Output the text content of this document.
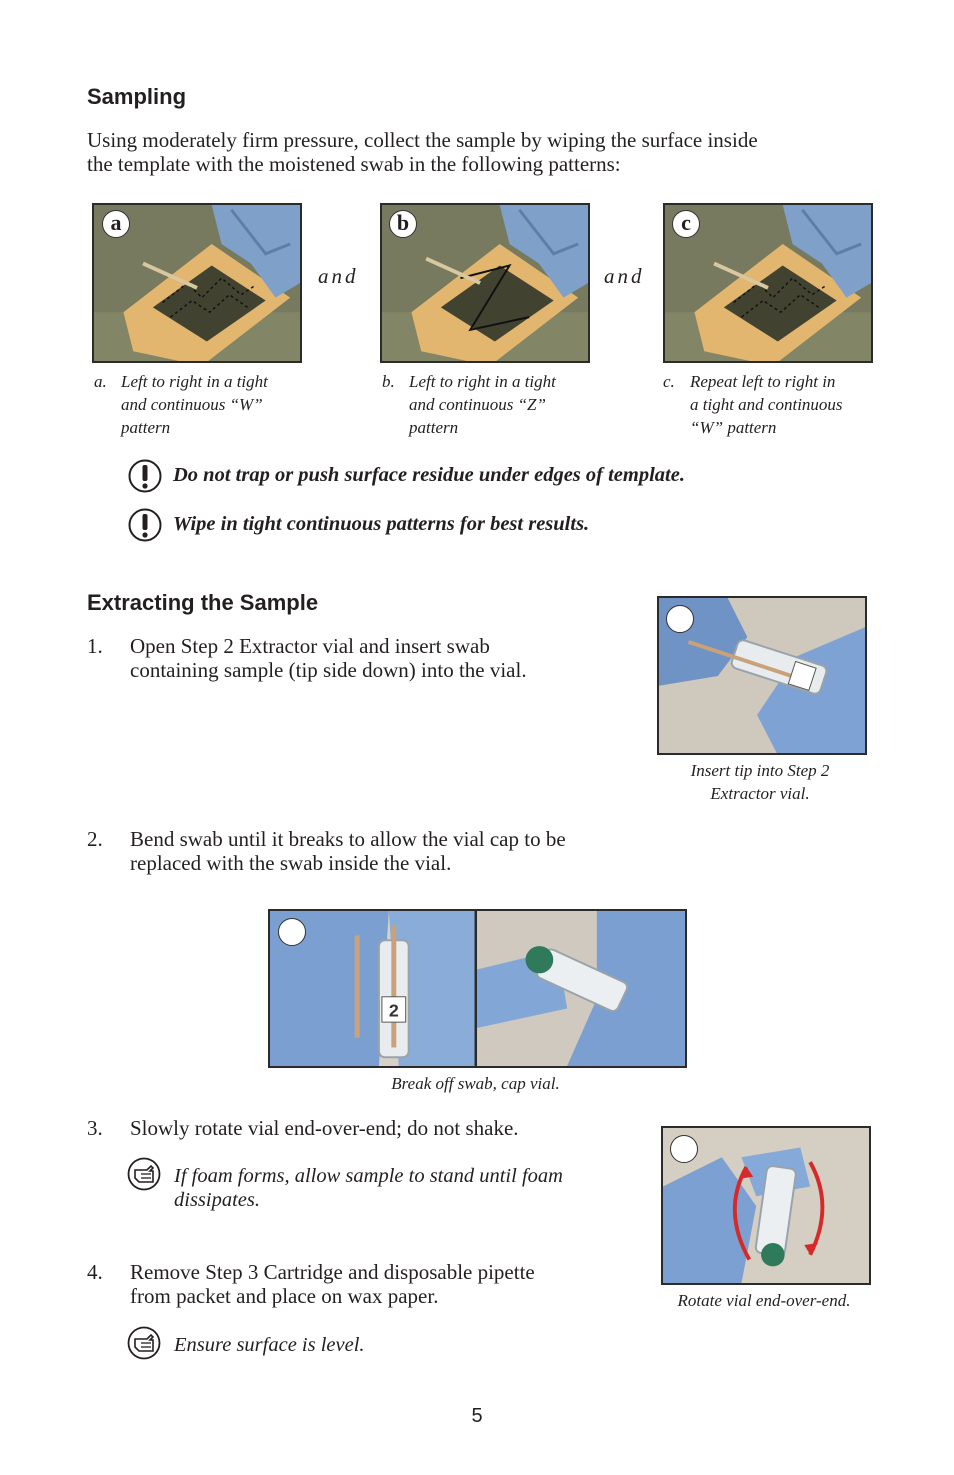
Sampling
Using moderately firm pressure, collect the sample by wiping the surface inside
the template with the moistened swab in the following patterns:
a
and
b
and
c
a. Left to right in a tight
and continuous “W”
pattern
b. Left to right in a tight
and continuous “Z”
pattern
c. Repeat left to right in
a tight and continuous
“W” pattern
Do not trap or push surface residue under edges of template.
Wipe in tight continuous patterns for best results.
Extracting the Sample
1. Open Step 2 Extractor vial and insert swab
containing sample (tip side down) into the vial.
Insert tip into Step 2
Extractor vial.
2. Bend swab until it breaks to allow the vial cap to be
replaced with the swab inside the vial.
2
Break off swab, cap vial.
3. Slowly rotate vial end-over-end; do not shake.
If foam forms, allow sample to stand until foam
dissipates.
Rotate vial end-over-end.
4. Remove Step 3 Cartridge and disposable pipette
from packet and place on wax paper.
Ensure surface is level.
5
